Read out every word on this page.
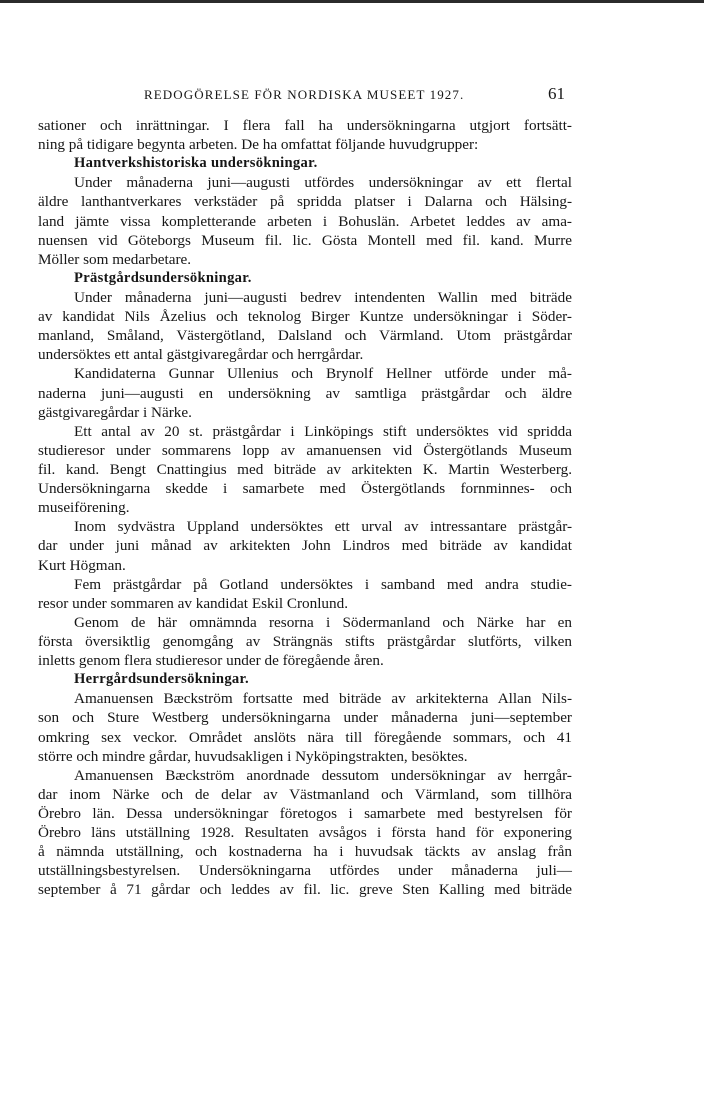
REDOGÖRELSE FÖR NORDISKA MUSEET 1927.	61
sationer och inrättningar. I flera fall ha undersökningarna utgjort fortsätt-
ning på tidigare begynta arbeten. De ha omfattat följande huvudgrupper:
Hantverkshistoriska undersökningar.
Under månaderna juni—augusti utfördes undersökningar av ett flertal
äldre lanthantverkares verkstäder på spridda platser i Dalarna och Hälsing-
land jämte vissa kompletterande arbeten i Bohuslän. Arbetet leddes av ama-
nuensen vid Göteborgs Museum fil. lic. Gösta Montell med fil. kand. Murre
Möller som medarbetare.
Prästgårdsundersökningar.
Under månaderna juni—augusti bedrev intendenten Wallin med biträde
av kandidat Nils Åzelius och teknolog Birger Kuntze undersökningar i Söder-
manland, Småland, Västergötland, Dalsland och Värmland. Utom prästgårdar
undersöktes ett antal gästgivaregårdar och herrgårdar.
Kandidaterna Gunnar Ullenius och Brynolf Hellner utförde under må-
naderna juni—augusti en undersökning av samtliga prästgårdar och äldre
gästgivaregårdar i Närke.
Ett antal av 20 st. prästgårdar i Linköpings stift undersöktes vid spridda
studieresor under sommarens lopp av amanuensen vid Östergötlands Museum
fil. kand. Bengt Cnattingius med biträde av arkitekten K. Martin Westerberg.
Undersökningarna skedde i samarbete med Östergötlands fornminnes- och
museiförening.
Inom sydvästra Uppland undersöktes ett urval av intressantare prästgår-
dar under juni månad av arkitekten John Lindros med biträde av kandidat
Kurt Högman.
Fem prästgårdar på Gotland undersöktes i samband med andra studie-
resor under sommaren av kandidat Eskil Cronlund.
Genom de här omnämnda resorna i Södermanland och Närke har en
första översiktlig genomgång av Strängnäs stifts prästgårdar slutförts, vilken
inletts genom flera studieresor under de föregående åren.
Herrgårdsundersökningar.
Amanuensen Bæckström fortsatte med biträde av arkitekterna Allan Nils-
son och Sture Westberg undersökningarna under månaderna juni—september
omkring sex veckor. Området anslöts nära till föregående sommars, och 41
större och mindre gårdar, huvudsakligen i Nyköpingstrakten, besöktes.
Amanuensen Bæckström anordnade dessutom undersökningar av herrgår-
dar inom Närke och de delar av Västmanland och Värmland, som tillhöra
Örebro län. Dessa undersökningar företogos i samarbete med bestyrelsen för
Örebro läns utställning 1928. Resultaten avsågos i första hand för exponering
å nämnda utställning, och kostnaderna ha i huvudsak täckts av anslag från
utställningsbestyrelsen. Undersökningarna utfördes under månaderna juli—
september å 71 gårdar och leddes av fil. lic. greve Sten Kalling med biträde
